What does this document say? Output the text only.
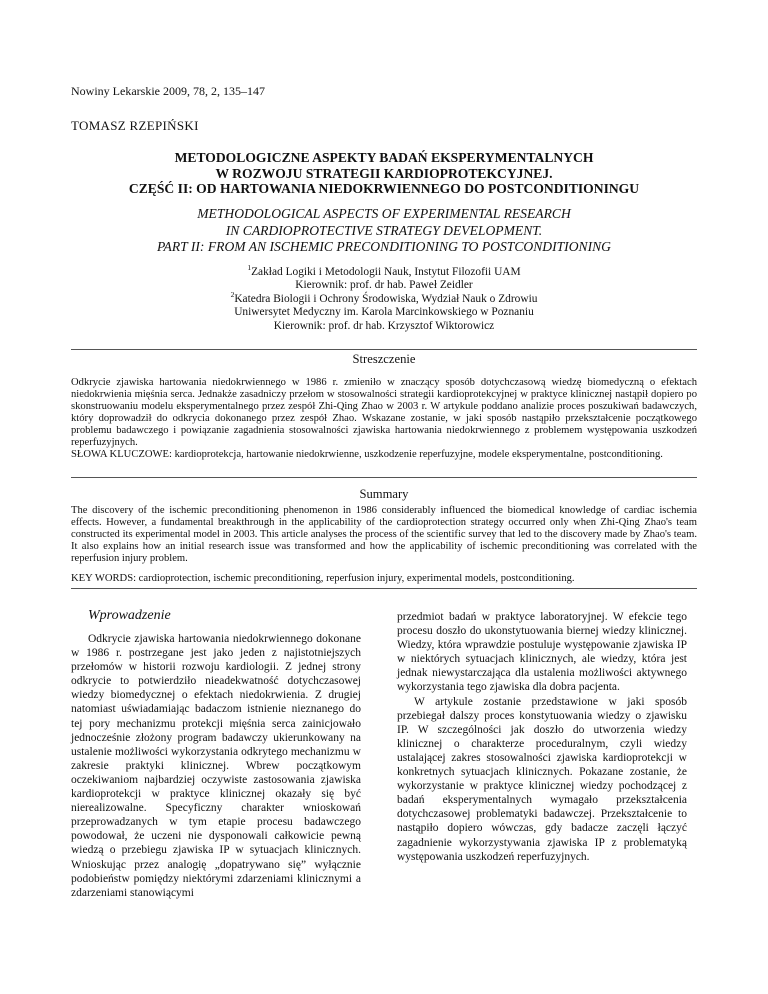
Nowiny Lekarskie 2009, 78, 2, 135–147
TOMASZ RZEPIŃSKI
METODOLOGICZNE ASPEKTY BADAŃ EKSPERYMENTALNYCH
W ROZWOJU STRATEGII KARDIOPROTEKCYJNEJ.
CZĘŚĆ II: OD HARTOWANIA NIEDOKRWIENNEGO DO POSTCONDITIONINGU
METHODOLOGICAL ASPECTS OF EXPERIMENTAL RESEARCH
IN CARDIOPROTECTIVE STRATEGY DEVELOPMENT.
PART II: FROM AN ISCHEMIC PRECONDITIONING TO POSTCONDITIONING
$^1$Zakład Logiki i Metodologii Nauk, Instytut Filozofii UAM
Kierownik: prof. dr hab. Paweł Zeidler
$^2$Katedra Biologii i Ochrony Środowiska, Wydział Nauk o Zdrowiu
Uniwersytet Medyczny im. Karola Marcinkowskiego w Poznaniu
Kierownik: prof. dr hab. Krzysztof Wiktorowicz
Streszczenie
Odkrycie zjawiska hartowania niedokrwiennego w 1986 r. zmieniło w znaczący sposób dotychczasową wiedzę biomedyczną o efektach niedokrwienia mięśnia serca. Jednakże zasadniczy przełom w stosowalności strategii kardioprotekcyjnej w praktyce klinicznej nastąpił dopiero po skonstruowaniu modelu eksperymentalnego przez zespół Zhi-Qing Zhao w 2003 r. W artykule poddano analizie proces poszukiwań badawczych, który doprowadził do odkrycia dokonanego przez zespół Zhao. Wskazane zostanie, w jaki sposób nastąpiło przekształcenie początkowego problemu badawczego i powiązanie zagadnienia stosowalności zjawiska hartowania niedokrwiennego z problemem występowania uszkodzeń reperfuzyjnych.
SŁOWA KLUCZOWE: kardioprotekcja, hartowanie niedokrwienne, uszkodzenie reperfuzyjne, modele eksperymentalne, postconditioning.
Summary
The discovery of the ischemic preconditioning phenomenon in 1986 considerably influenced the biomedical knowledge of cardiac ischemia effects. However, a fundamental breakthrough in the applicability of the cardioprotection strategy occurred only when Zhi-Qing Zhao's team constructed its experimental model in 2003. This article analyses the process of the scientific survey that led to the discovery made by Zhao's team. It also explains how an initial research issue was transformed and how the applicability of ischemic preconditioning was correlated with the reperfusion injury problem.
KEY WORDS: cardioprotection, ischemic preconditioning, reperfusion injury, experimental models, postconditioning.
Wprowadzenie

Odkrycie zjawiska hartowania niedokrwiennego dokonane w 1986 r. postrzegane jest jako jeden z najistotniejszych przełomów w historii rozwoju kardiologii. Z jednej strony odkrycie to potwierdziło nieadekwatność dotychczasowej wiedzy biomedycznej o efektach niedokrwienia. Z drugiej natomiast uświadamiając badaczom istnienie nieznanego do tej pory mechanizmu protekcji mięśnia serca zainicjowało jednocześnie złożony program badawczy ukierunkowany na ustalenie możliwości wykorzystania odkrytego mechanizmu w zakresie praktyki klinicznej. Wbrew początkowym oczekiwaniom najbardziej oczywiste zastosowania zjawiska kardioprotekcji w praktyce klinicznej okazały się być nierealizowalne. Specyficzny charakter wnioskowań przeprowadzanych w tym etapie procesu badawczego powodował, że uczeni nie dysponowali całkowicie pewną wiedzą o przebiegu zjawiska IP w sytuacjach klinicznych. Wnioskując przez analogię „dopatrywano się” wyłącznie podobieństw pomiędzy niektórymi zdarzeniami klinicznymi a zdarzeniami stanowiącymi

przedmiot badań w praktyce laboratoryjnej. W efekcie tego procesu doszło do ukonstytuowania biernej wiedzy klinicznej. Wiedzy, która wprawdzie postuluje występowanie zjawiska IP w niektórych sytuacjach klinicznych, ale wiedzy, która jest jednak niewystarczająca dla ustalenia możliwości aktywnego wykorzystania tego zjawiska dla dobra pacjenta.

W artykule zostanie przedstawione w jaki sposób przebiegał dalszy proces konstytuowania wiedzy o zjawisku IP. W szczególności jak doszło do utworzenia wiedzy klinicznej o charakterze proceduralnym, czyli wiedzy ustalającej zakres stosowalności zjawiska kardioprotekcji w konkretnych sytuacjach klinicznych. Pokazane zostanie, że wykorzystanie w praktyce klinicznej wiedzy pochodzącej z badań eksperymentalnych wymagało przekształcenia dotychczasowej problematyki badawczej. Przekształcenie to nastąpiło dopiero wówczas, gdy badacze zaczęli łączyć zagadnienie wykorzystywania zjawiska IP z problematyką występowania uszkodzeń reperfuzyjnych.
